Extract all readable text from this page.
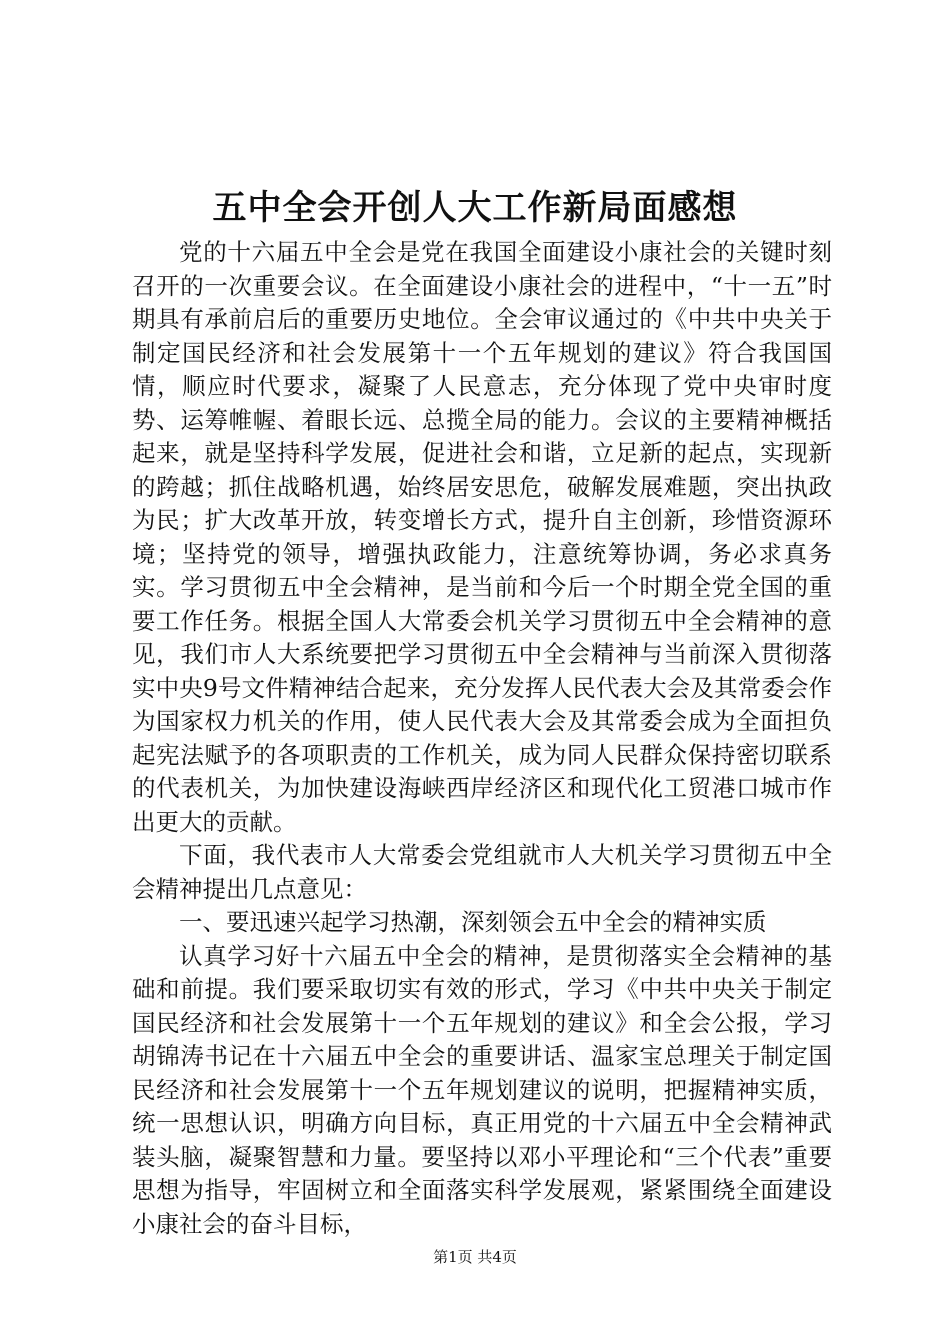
五中全会开创人大工作新局面感想

党的十六届五中全会是党在我国全面建设小康社会的关键时刻召开的一次重要会议。在全面建设小康社会的进程中，“十一五”时期具有承前启后的重要历史地位。全会审议通过的《中共中央关于制定国民经济和社会发展第十一个五年规划的建议》符合我国国情，顺应时代要求，凝聚了人民意志，充分体现了党中央审时度势、运筹帷幄、着眼长远、总揽全局的能力。会议的主要精神概括起来，就是坚持科学发展，促进社会和谐，立足新的起点，实现新的跨越；抓住战略机遇，始终居安思危，破解发展难题，突出执政为民；扩大改革开放，转变增长方式，提升自主创新，珍惜资源环境；坚持党的领导，增强执政能力，注意统筹协调，务必求真务实。学习贯彻五中全会精神，是当前和今后一个时期全党全国的重要工作任务。根据全国人大常委会机关学习贯彻五中全会精神的意见，我们市人大系统要把学习贯彻五中全会精神与当前深入贯彻落实中央9号文件精神结合起来，充分发挥人民代表大会及其常委会作为国家权力机关的作用，使人民代表大会及其常委会成为全面担负起宪法赋予的各项职责的工作机关，成为同人民群众保持密切联系的代表机关，为加快建设海峡西岸经济区和现代化工贸港口城市作出更大的贡献。

下面，我代表市人大常委会党组就市人大机关学习贯彻五中全会精神提出几点意见：

一、要迅速兴起学习热潮，深刻领会五中全会的精神实质

认真学习好十六届五中全会的精神，是贯彻落实全会精神的基础和前提。我们要采取切实有效的形式，学习《中共中央关于制定国民经济和社会发展第十一个五年规划的建议》和全会公报，学习胡锦涛书记在十六届五中全会的重要讲话、温家宝总理关于制定国民经济和社会发展第十一个五年规划建议的说明，把握精神实质，统一思想认识，明确方向目标，真正用党的十六届五中全会精神武装头脑，凝聚智慧和力量。要坚持以邓小平理论和“三个代表”重要思想为指导，牢固树立和全面落实科学发展观，紧紧围绕全面建设小康社会的奋斗目标，

第1页 共4页
